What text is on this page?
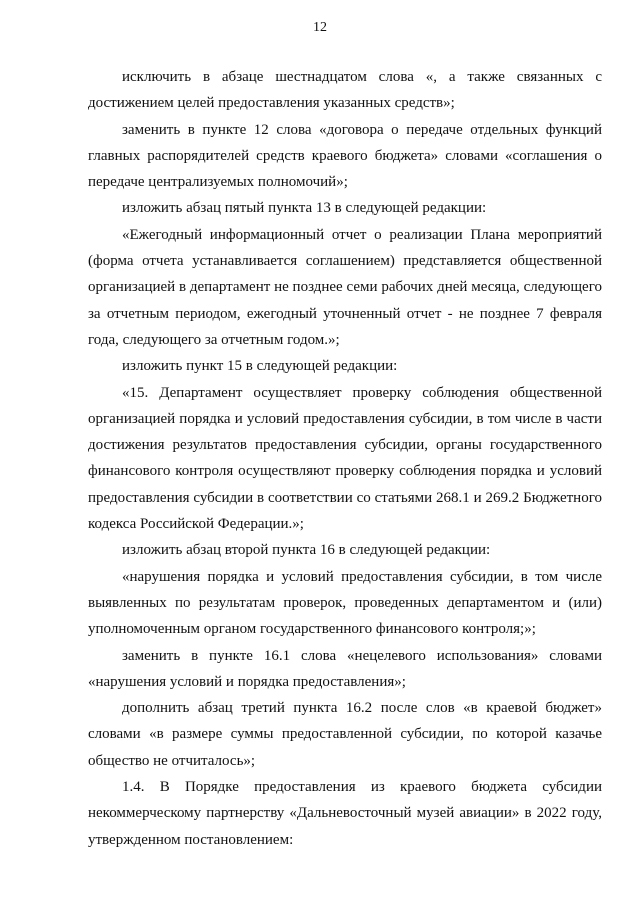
12

исключить в абзаце шестнадцатом слова «, а также связанных с достижением целей предоставления указанных средств»;

заменить в пункте 12 слова «договора о передаче отдельных функций главных распорядителей средств краевого бюджета» словами «соглашения о передаче централизуемых полномочий»;

изложить абзац пятый пункта 13 в следующей редакции:

«Ежегодный информационный отчет о реализации Плана мероприятий (форма отчета устанавливается соглашением) представляется общественной организацией в департамент не позднее семи рабочих дней месяца, следующего за отчетным периодом, ежегодный уточненный отчет - не позднее 7 февраля года, следующего за отчетным годом.»;

изложить пункт 15 в следующей редакции:

«15. Департамент осуществляет проверку соблюдения общественной организацией порядка и условий предоставления субсидии, в том числе в части достижения результатов предоставления субсидии, органы государственного финансового контроля осуществляют проверку соблюдения порядка и условий предоставления субсидии в соответствии со статьями 268.1 и 269.2 Бюджетного кодекса Российской Федерации.»;

изложить абзац второй пункта 16 в следующей редакции:

«нарушения порядка и условий предоставления субсидии, в том числе выявленных по результатам проверок, проведенных департаментом и (или) уполномоченным органом государственного финансового контроля;»;

заменить в пункте 16.1 слова «нецелевого использования» словами «нарушения условий и порядка предоставления»;

дополнить абзац третий пункта 16.2 после слов «в краевой бюджет» словами «в размере суммы предоставленной субсидии, по которой казачье общество не отчиталось»;

1.4. В Порядке предоставления из краевого бюджета субсидии некоммерческому партнерству «Дальневосточный музей авиации» в 2022 году, утвержденном постановлением:
